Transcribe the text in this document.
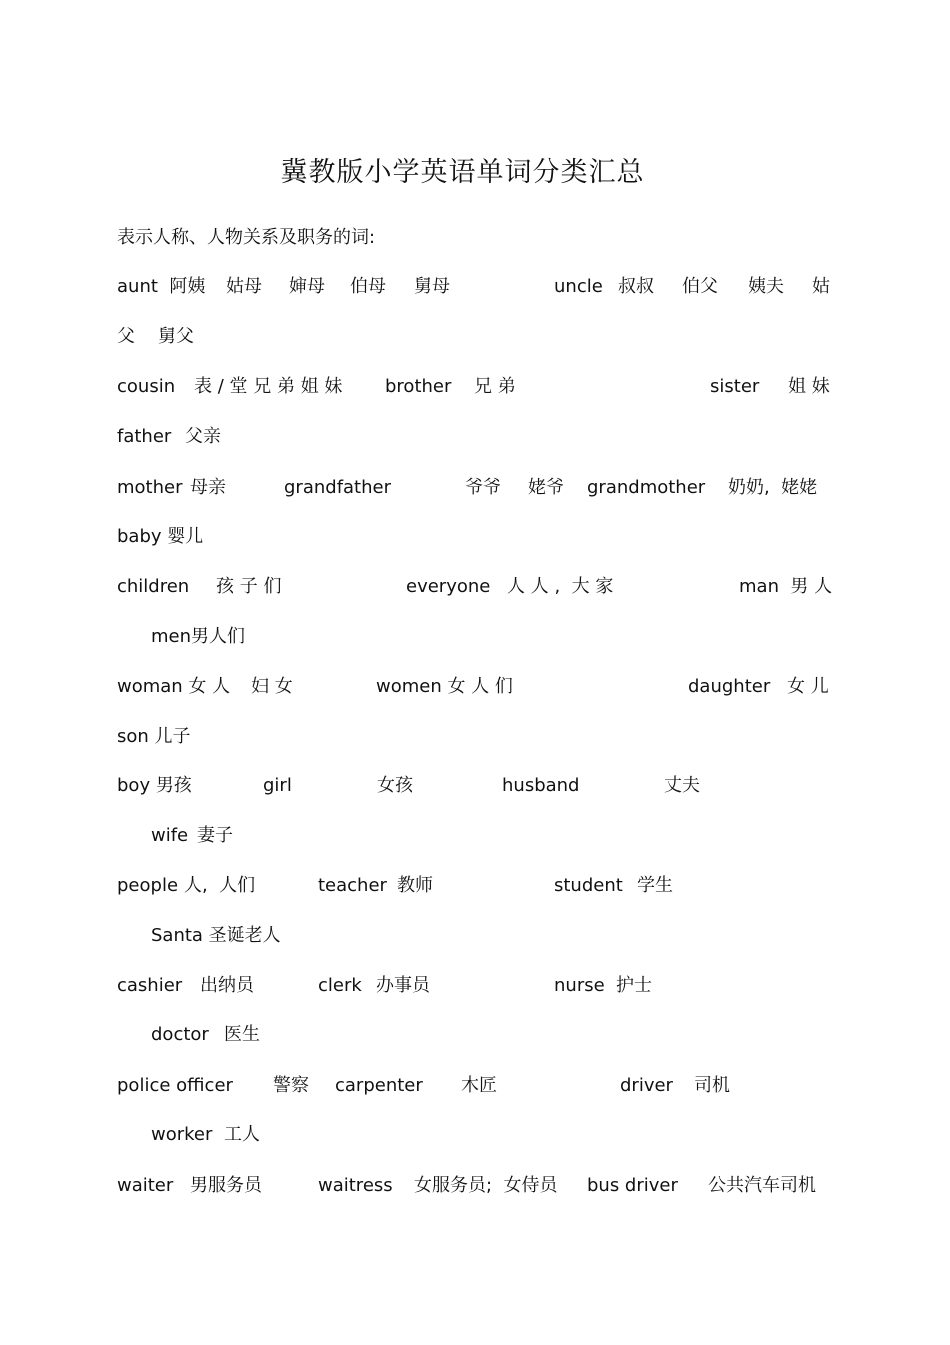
冀教版小学英语单词分类汇总
表示人称、人物关系及职务的词:
aunt  阿姨 姑母 婶母 伯母 舅母	uncle 叔叔 伯父 姨夫 姑
父 舅父
cousin 表 / 堂 兄 弟 姐 妹 brother 兄 弟	sister 姐 妹
father 父亲
mother 母亲	grandfather	爷爷 姥爷 grandmother 奶奶,  姥姥
baby 婴儿
children 孩 子 们	everyone 人 人 ,  大 家	man  男 人
men男人们
woman 女 人 妇 女	women 女 人 们	daughter 女 儿
son 儿子
boy 男孩	girl	女孩	husband	丈夫
wife 妻子
people 人,  人们	teacher 教师	student 学生
Santa 圣诞老人
cashier 出纳员	clerk 办事员	nurse 护士
doctor 医生
police officer 警察 carpenter 木匠	driver 司机
worker 工人
waiter 男服务员	waitress 女服务员;  女侍员 bus driver 公共汽车司机
